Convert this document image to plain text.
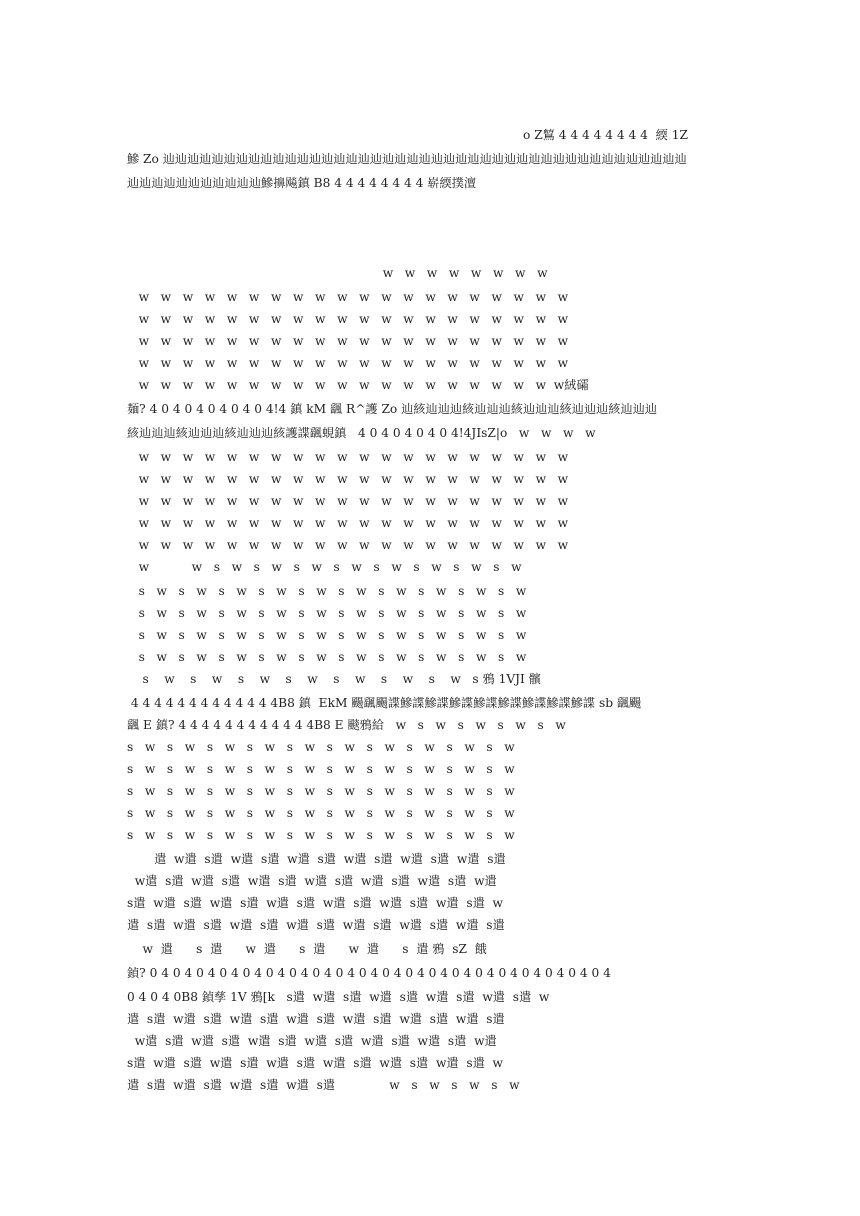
o Z鶭 4 4 4 4 4 4 4 4  緛 1Z
鰺 Zo 辿辿辿辿辿辿辿辿辿辿辿辿辿辿辿辿辿辿辿辿辿辿辿辿辿辿辿辿辿辿辿辿辿辿辿辿辿辿辿辿辿辿辿
辿辿辿辿辿辿辿辿辿辿辿鰺擤飚鎮 B8 4 4 4 4 4 4 4 4 崭緛撲澶
w   w   w   w   w   w   w   w
w   w   w   w   w   w   w   w   w   w   w   w   w   w   w   w   w   w   w   w
w   w   w   w   w   w   w   w   w   w   w   w   w   w   w   w   w   w   w   w
w   w   w   w   w   w   w   w   w   w   w   w   w   w   w   w   w   w   w   w
w   w   w   w   w   w   w   w   w   w   w   w   w   w   w   w   w   w   w   w
w   w   w   w   w   w   w   w   w   w   w   w   w   w   w   w   w   w   w  w絨礵
麺? 4 0 4 0 4 0 4 0 4 0 4!4 鎮 kM 颻 R^護 Zo 辿絯辿辿辿絯辿辿辿絯辿辿辿絯辿辿辿絯辿辿辿
絯辿辿辿絯辿辿辿絯辿辿辿絯護諜颻蜆鎮   4 0 4 0 4 0 4 0 4!4JIsZ|o   w   w   w   w
w   w   w   w   w   w   w   w   w   w   w   w   w   w   w   w   w   w   w   w
w   w   w   w   w   w   w   w   w   w   w   w   w   w   w   w   w   w   w   w
w   w   w   w   w   w   w   w   w   w   w   w   w   w   w   w   w   w   w   w
w   w   w   w   w   w   w   w   w   w   w   w   w   w   w   w   w   w   w   w
w   w   w   w   w   w   w   w   w   w   w   w   w   w   w   w   w   w   w   w
w           w   s   w   s   w   s   w   s   w   s   w   s   w   s   w   s   w
s   w   s   w   s   w   s   w   s   w   s   w   s   w   s   w   s   w   s   w
s   w   s   w   s   w   s   w   s   w   s   w   s   w   s   w   s   w   s   w
s   w   s   w   s   w   s   w   s   w   s   w   s   w   s   w   s   w   s   w
s   w   s   w   s   w   s   w   s   w   s   w   s   w   s   w   s   w   s   w
s    w    s    w    s    w    s    w    s    w    s    w    s    w   s 鴉 1VJI 髕
4 4 4 4 4 4 4 4 4 4 4 4 4B8 鎮  EkM 颺颻颺諜鰺諜鰺諜鰺諜鰺諜鰺諜鰺諜鰺諜鰺諜 sb 颻颺
颻 E 鎮? 4 4 4 4 4 4 4 4 4 4 4 4B8 E 颷鴉給   w   s   w   s   w   s   w   s   w
s   w   s   w   s   w   s   w   s   w   s   w   s   w   s   w   s   w   s   w
s   w   s   w   s   w   s   w   s   w   s   w   s   w   s   w   s   w   s   w
s   w   s   w   s   w   s   w   s   w   s   w   s   w   s   w   s   w   s   w
s   w   s   w   s   w   s   w   s   w   s   w   s   w   s   w   s   w   s   w
s   w   s   w   s   w   s   w   s   w   s   w   s   w   s   w   s   w   s   w
遣  w遣  s遣  w遣  s遣  w遣  s遣  w遣  s遣  w遣  s遣  w遣  s遣
w遣  s遣  w遣  s遣  w遣  s遣  w遣  s遣  w遣  s遣  w遣  s遣  w遣
s遣  w遣  s遣  w遣  s遣  w遣  s遣  w遣  s遣  w遣  s遣  w遣  s遣  w
遣  s遣  w遣  s遣  w遣  s遣  w遣  s遣  w遣  s遣  w遣  s遣  w遣  s遣
w  遣      s  遣      w  遣      s  遣      w  遣      s  遣 鴉  sZ  餓
鍞? 0 4 0 4 0 4 0 4 0 4 0 4 0 4 0 4 0 4 0 4 0 4 0 4 0 4 0 4 0 4 0 4 0 4 0 4 0 4 0 4
0 4 0 4 0B8 鍞孳 1V 鴉[k   s遣  w遣  s遣  w遣  s遣  w遣  s遣  w遣  s遣  w
遣  s遣  w遣  s遣  w遣  s遣  w遣  s遣  w遣  s遣  w遣  s遣  w遣  s遣
w遣  s遣  w遣  s遣  w遣  s遣  w遣  s遣  w遣  s遣  w遣  s遣  w遣
s遣  w遣  s遣  w遣  s遣  w遣  s遣  w遣  s遣  w遣  s遣  w遣  s遣  w
遣  s遣  w遣  s遣  w遣  s遣  w遣  s遣              w   s   w   s   w   s   w
